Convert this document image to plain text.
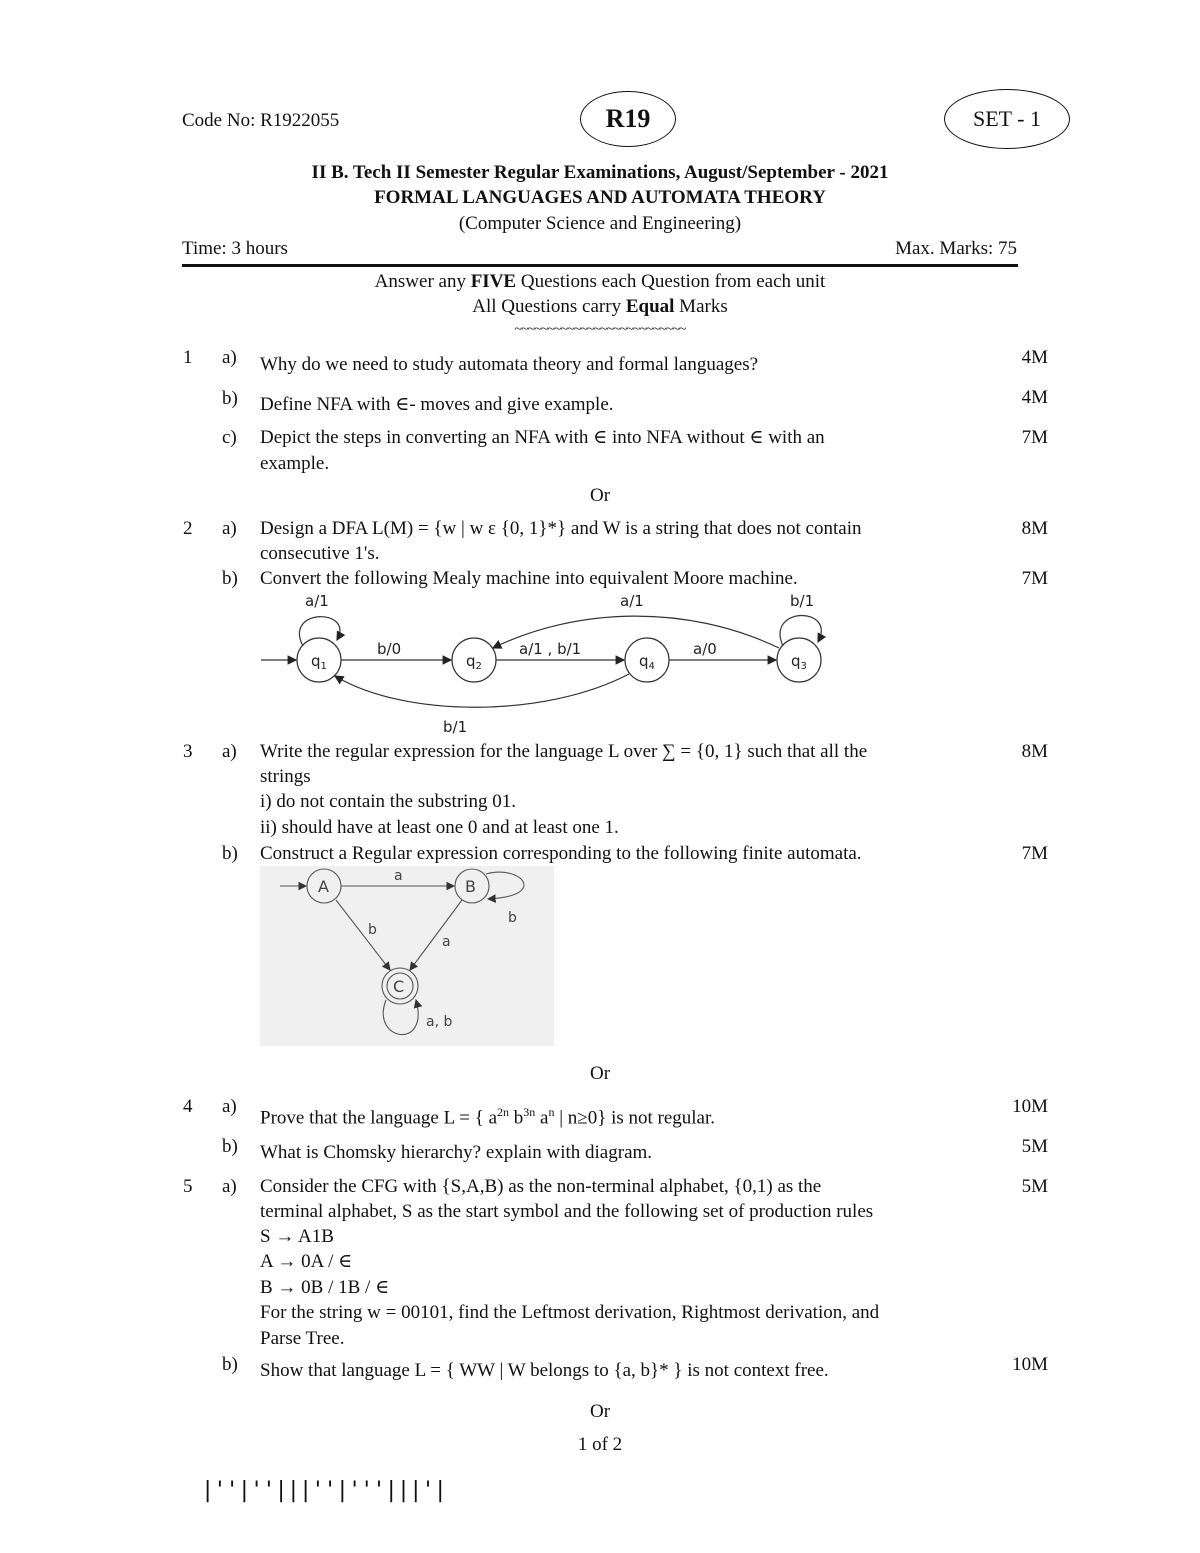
Code No: R1922055	R19	SET - 1
II B. Tech II Semester Regular Examinations, August/September - 2021
FORMAL LANGUAGES AND AUTOMATA THEORY
(Computer Science and Engineering)
Time: 3 hours	Max. Marks: 75
Answer any FIVE Questions each Question from each unit
All Questions carry Equal Marks
~~~~~~~~~~~~~~~~~~~~~~~~~~
1 a) Why do we need to study automata theory and formal languages?	4M
b) Define NFA with ∈- moves and give example.	4M
c) Depict the steps in converting an NFA with ∈ into NFA without ∈ with an
example.
7M
Or
2 a) Design a DFA L(M) = {w | w ε {0, 1}*} and W is a string that does not contain
consecutive 1's.
8M
b) Convert the following Mealy machine into equivalent Moore machine.	7M
$q_1$	$q_2$	$q_4$	$q_3$
a/1
b/0	a/1 , b/1	a/0
a/1	b/1
b/1
3 a) Write the regular expression for the language L over ∑ = {0, 1} such that all the
strings
i) do not contain the substring 01.
ii) should have at least one 0 and at least one 1.
8M
b) Construct a Regular expression corresponding to the following finite automata.	7M
A	B
C
a
b
b
a
a, b
Or
4 a)
Prove that the language L = { $a^{2n}$ $b^{3n}$ $a^n$ | n≥0} is not regular.
10M
b) What is Chomsky hierarchy? explain with diagram.	5M
5 a) Consider the CFG with {S,A,B) as the non-terminal alphabet, {0,1) as the
terminal alphabet, S as the start symbol and the following set of production rules
S → A1B
A → 0A / ∈
B → 0B / 1B / ∈
For the string w = 00101, find the Leftmost derivation, Rightmost derivation, and
Parse Tree.
5M
b) Show that language L = { WW | W belongs to {a, b}* } is not context free.	10M
Or
1 of 2
|''|''|||''|'''|||'|
